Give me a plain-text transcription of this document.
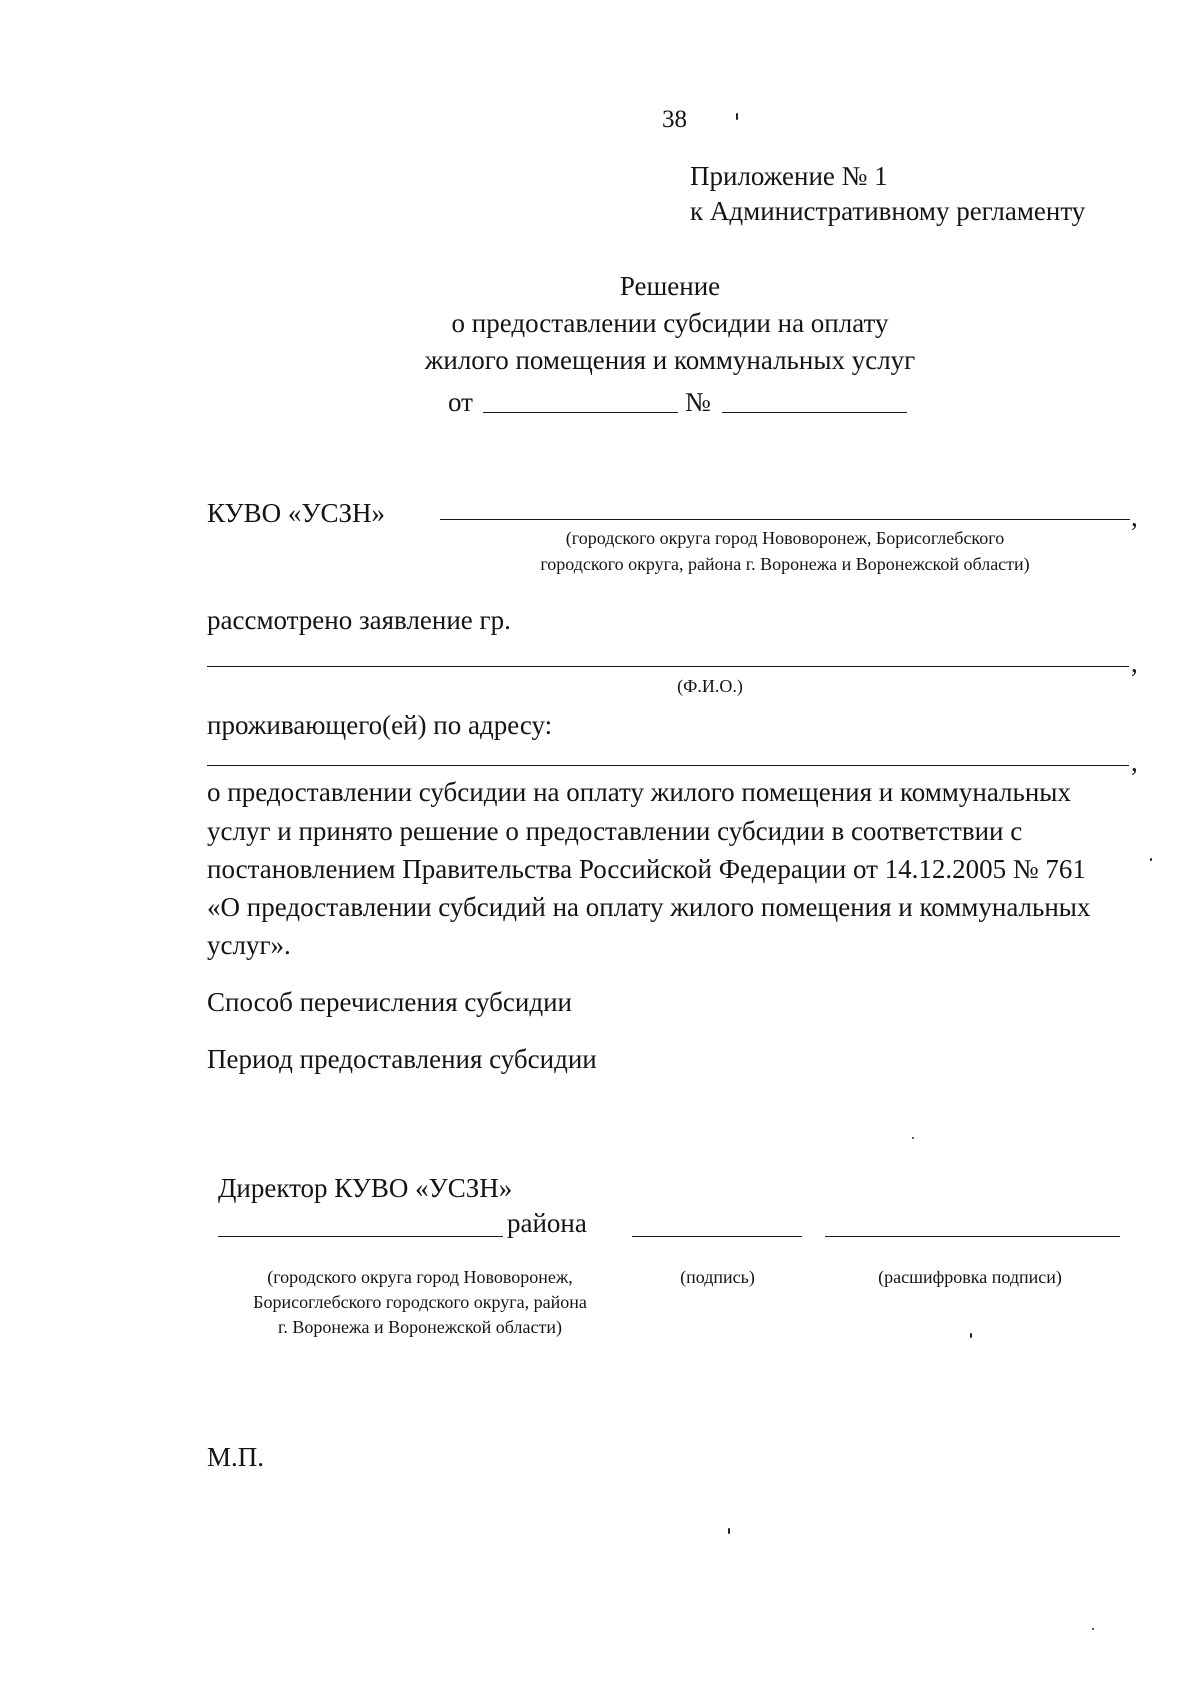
38
Приложение № 1
к Административному регламенту
Решение
о предоставлении субсидии на оплату
жилого помещения и коммунальных услуг
от	№
КУВО «УСЗН»	,
(городского округа город Нововоронеж, Борисоглебского
городского округа, района г. Воронежа и Воронежской области)
рассмотрено заявление гр.
,
(Ф.И.О.)
проживающего(ей) по адресу:
,
о предоставлении субсидии на оплату жилого помещения и коммунальных
услуг и принято решение о предоставлении субсидии в соответствии с
постановлением Правительства Российской Федерации от 14.12.2005 № 761
«О предоставлении субсидий на оплату жилого помещения и коммунальных
услуг».
Способ перечисления субсидии
Период предоставления субсидии
Директор КУВО «УСЗН»
района
(городского округа город Нововоронеж,
Борисоглебского городского округа, района
г. Воронежа и Воронежской области)
(подпись)	(расшифровка подписи)
М.П.
